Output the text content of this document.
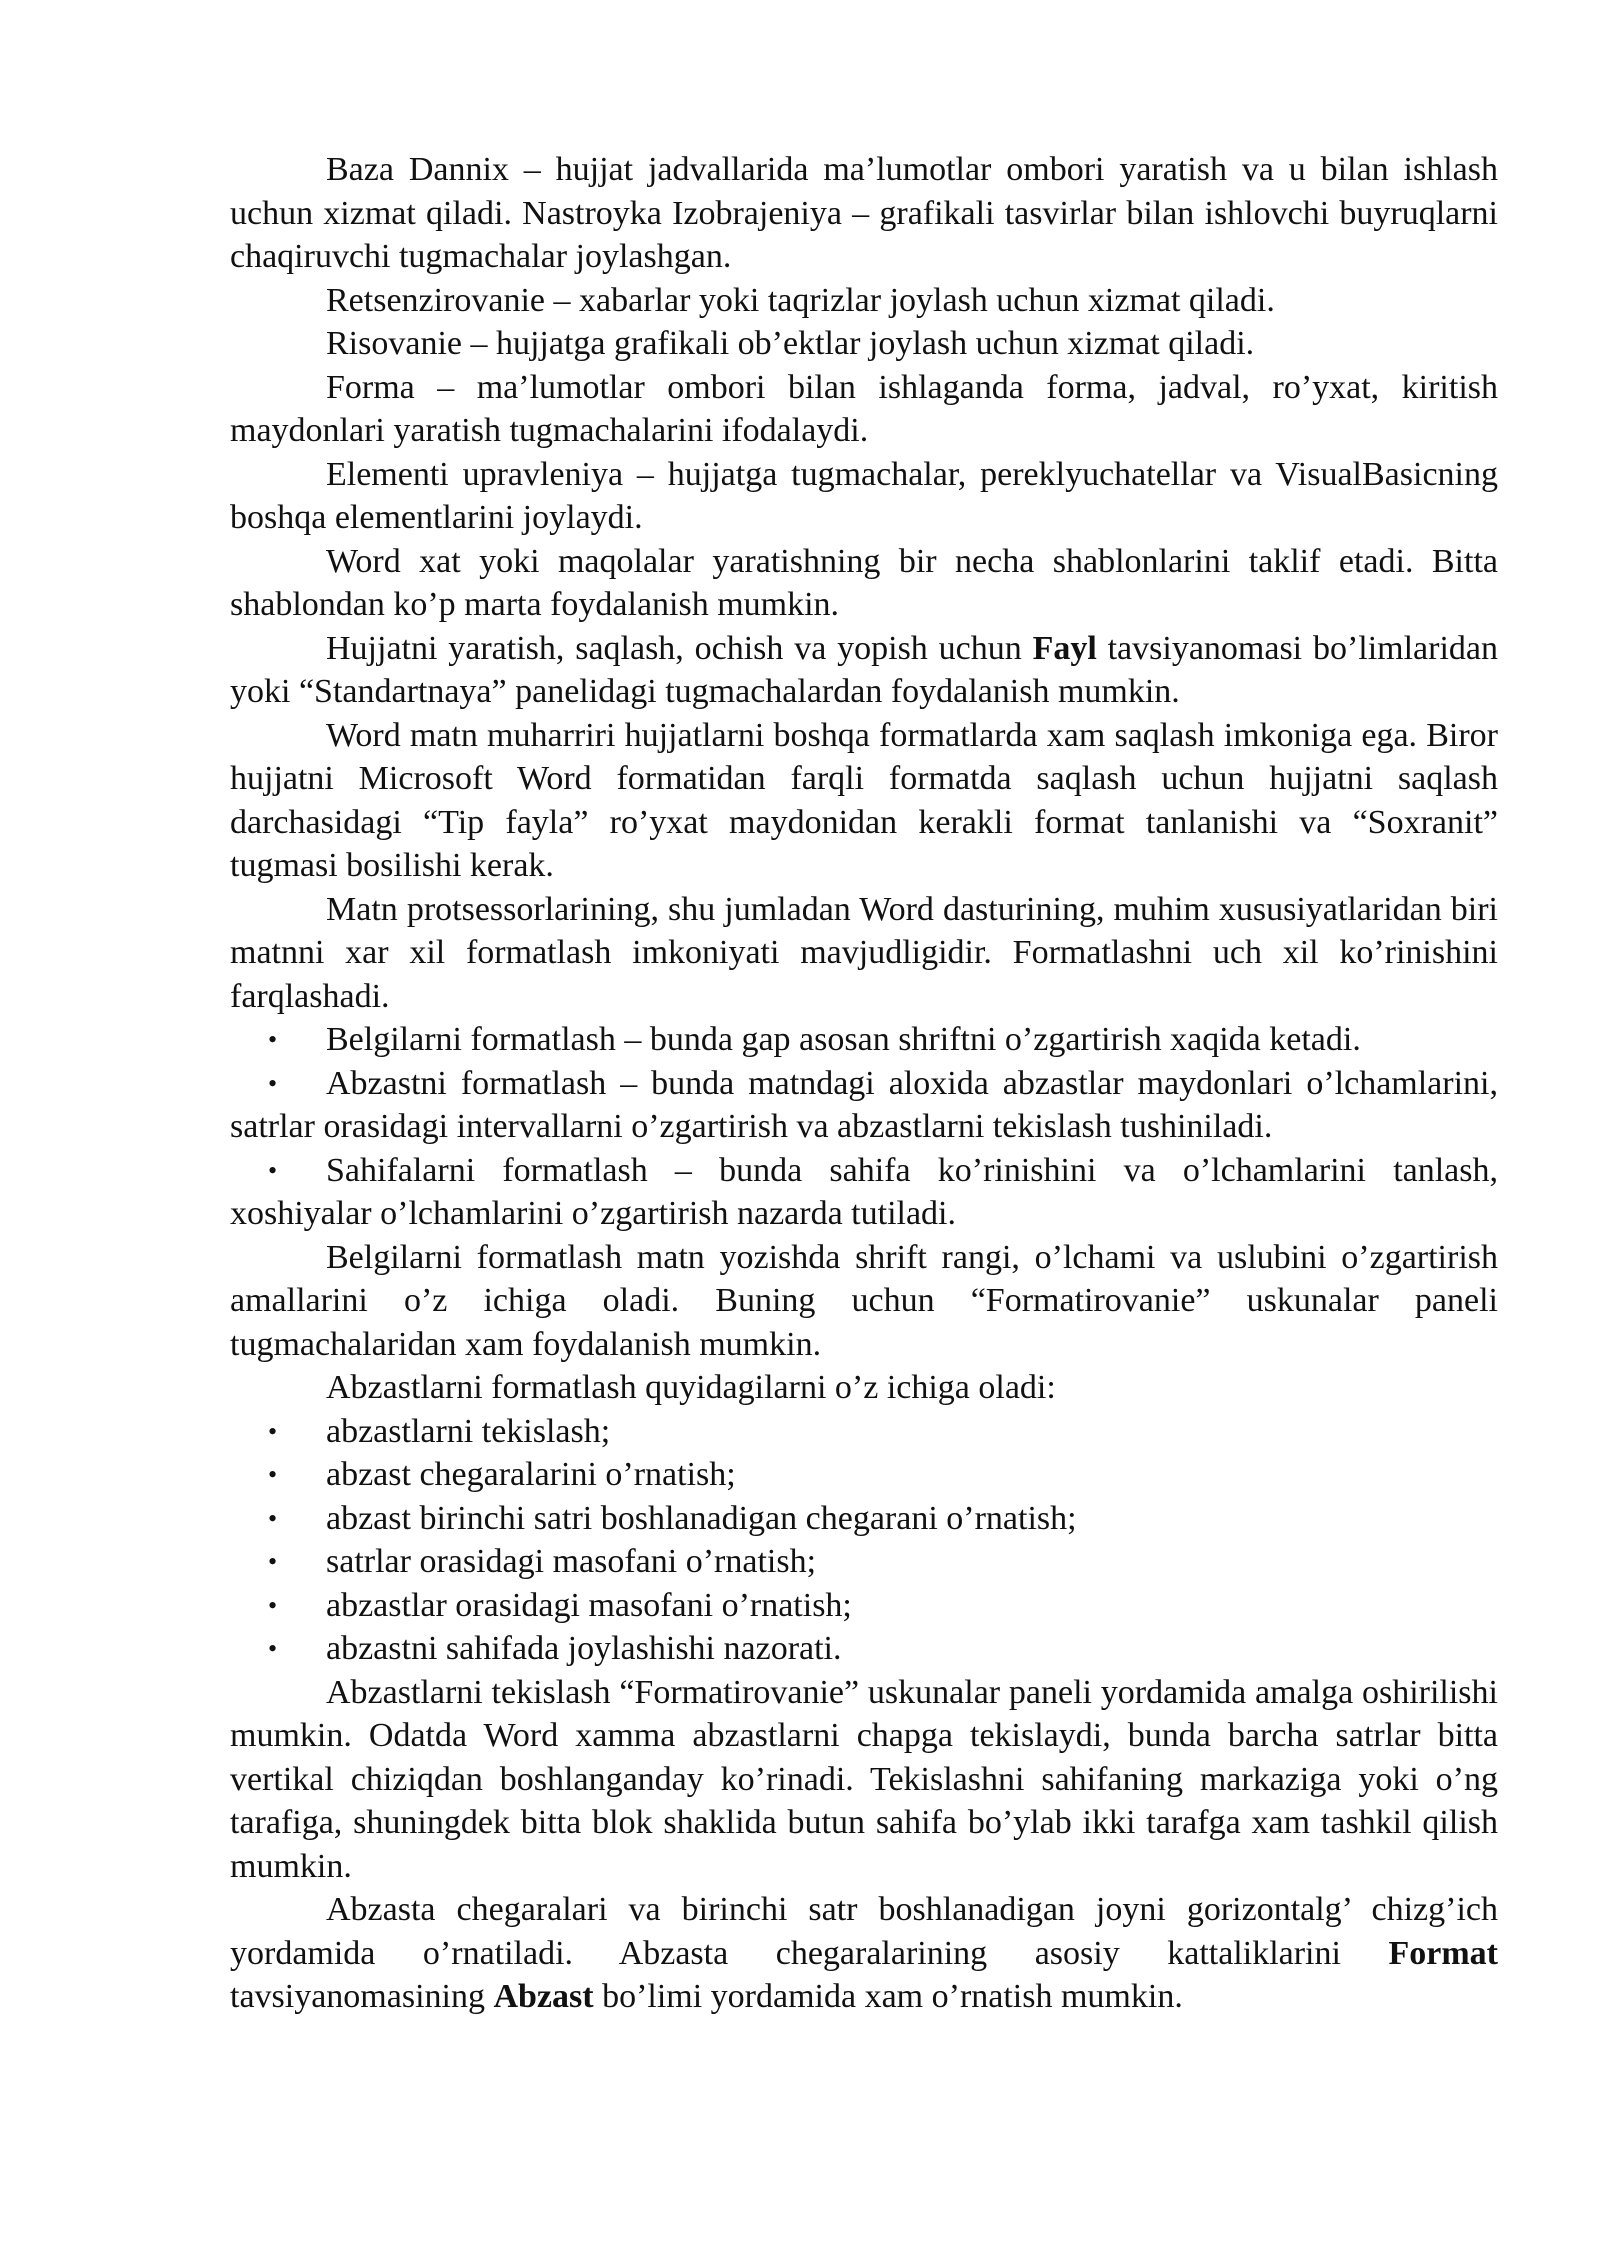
Baza Dannix – hujjat jadvallarida ma’lumotlar ombori yaratish va u bilan ishlash uchun xizmat qiladi. Nastroyka Izobrajeniya – grafikali tasvirlar bilan ishlovchi buyruqlarni chaqiruvchi tugmachalar joylashgan.

Retsenzirovanie – xabarlar yoki taqrizlar joylash uchun xizmat qiladi.

Risovanie – hujjatga grafikali ob’ektlar joylash uchun xizmat qiladi.

Forma – ma’lumotlar ombori bilan ishlaganda forma, jadval, ro’yxat, kiritish maydonlari yaratish tugmachalarini ifodalaydi.

Elementi upravleniya – hujjatga tugmachalar, pereklyuchatellar va VisualBasicning boshqa elementlarini joylaydi.

Word xat yoki maqolalar yaratishning bir necha shablonlarini taklif etadi. Bitta shablondan ko’p marta foydalanish mumkin.

Hujjatni yaratish, saqlash, ochish va yopish uchun Fayl tavsiyanomasi bo’limlaridan yoki “Standartnaya” panelidagi tugmachalardan foydalanish mumkin.

Word matn muharriri hujjatlarni boshqa formatlarda xam saqlash imkoniga ega. Biror hujjatni Microsoft Word formatidan farqli formatda saqlash uchun hujjatni saqlash darchasidagi “Tip fayla” ro’yxat maydonidan kerakli format tanlanishi va “Soxranit” tugmasi bosilishi kerak.

Matn protsessorlarining, shu jumladan Word dasturining, muhim xususiyatlaridan biri matnni xar xil formatlash imkoniyati mavjudligidir. Formatlashni uch xil ko’rinishini farqlashadi.

• Belgilarni formatlash – bunda gap asosan shriftni o’zgartirish xaqida ketadi.
• Abzastni formatlash – bunda matndagi aloxida abzastlar maydonlari o’lchamlarini, satrlar orasidagi intervallarni o’zgartirish va abzastlarni tekislash tushiniladi.
• Sahifalarni formatlash – bunda sahifa ko’rinishini va o’lchamlarini tanlash, xoshiyalar o’lchamlarini o’zgartirish nazarda tutiladi.

Belgilarni formatlash matn yozishda shrift rangi, o’lchami va uslubini o’zgartirish amallarini o’z ichiga oladi. Buning uchun “Formatirovanie” uskunalar paneli tugmachalaridan xam foydalanish mumkin.

Abzastlarni formatlash quyidagilarni o’z ichiga oladi:

• abzastlarni tekislash;
• abzast chegaralarini o’rnatish;
• abzast birinchi satri boshlanadigan chegarani o’rnatish;
• satrlar orasidagi masofani o’rnatish;
• abzastlar orasidagi masofani o’rnatish;
• abzastni sahifada joylashishi nazorati.

Abzastlarni tekislash “Formatirovanie” uskunalar paneli yordamida amalga oshirilishi mumkin. Odatda Word xamma abzastlarni chapga tekislaydi, bunda barcha satrlar bitta vertikal chiziqdan boshlanganday ko’rinadi. Tekislashni sahifaning markaziga yoki o’ng tarafiga, shuningdek bitta blok shaklida butun sahifa bo’ylab ikki tarafga xam tashkil qilish mumkin.

Abzasta chegaralari va birinchi satr boshlanadigan joyni gorizontalg’ chizg’ich yordamida o’rnatiladi. Abzasta chegaralarining asosiy kattaliklarini Format tavsiyanomasining Abzast bo’limi yordamida xam o’rnatish mumkin.
